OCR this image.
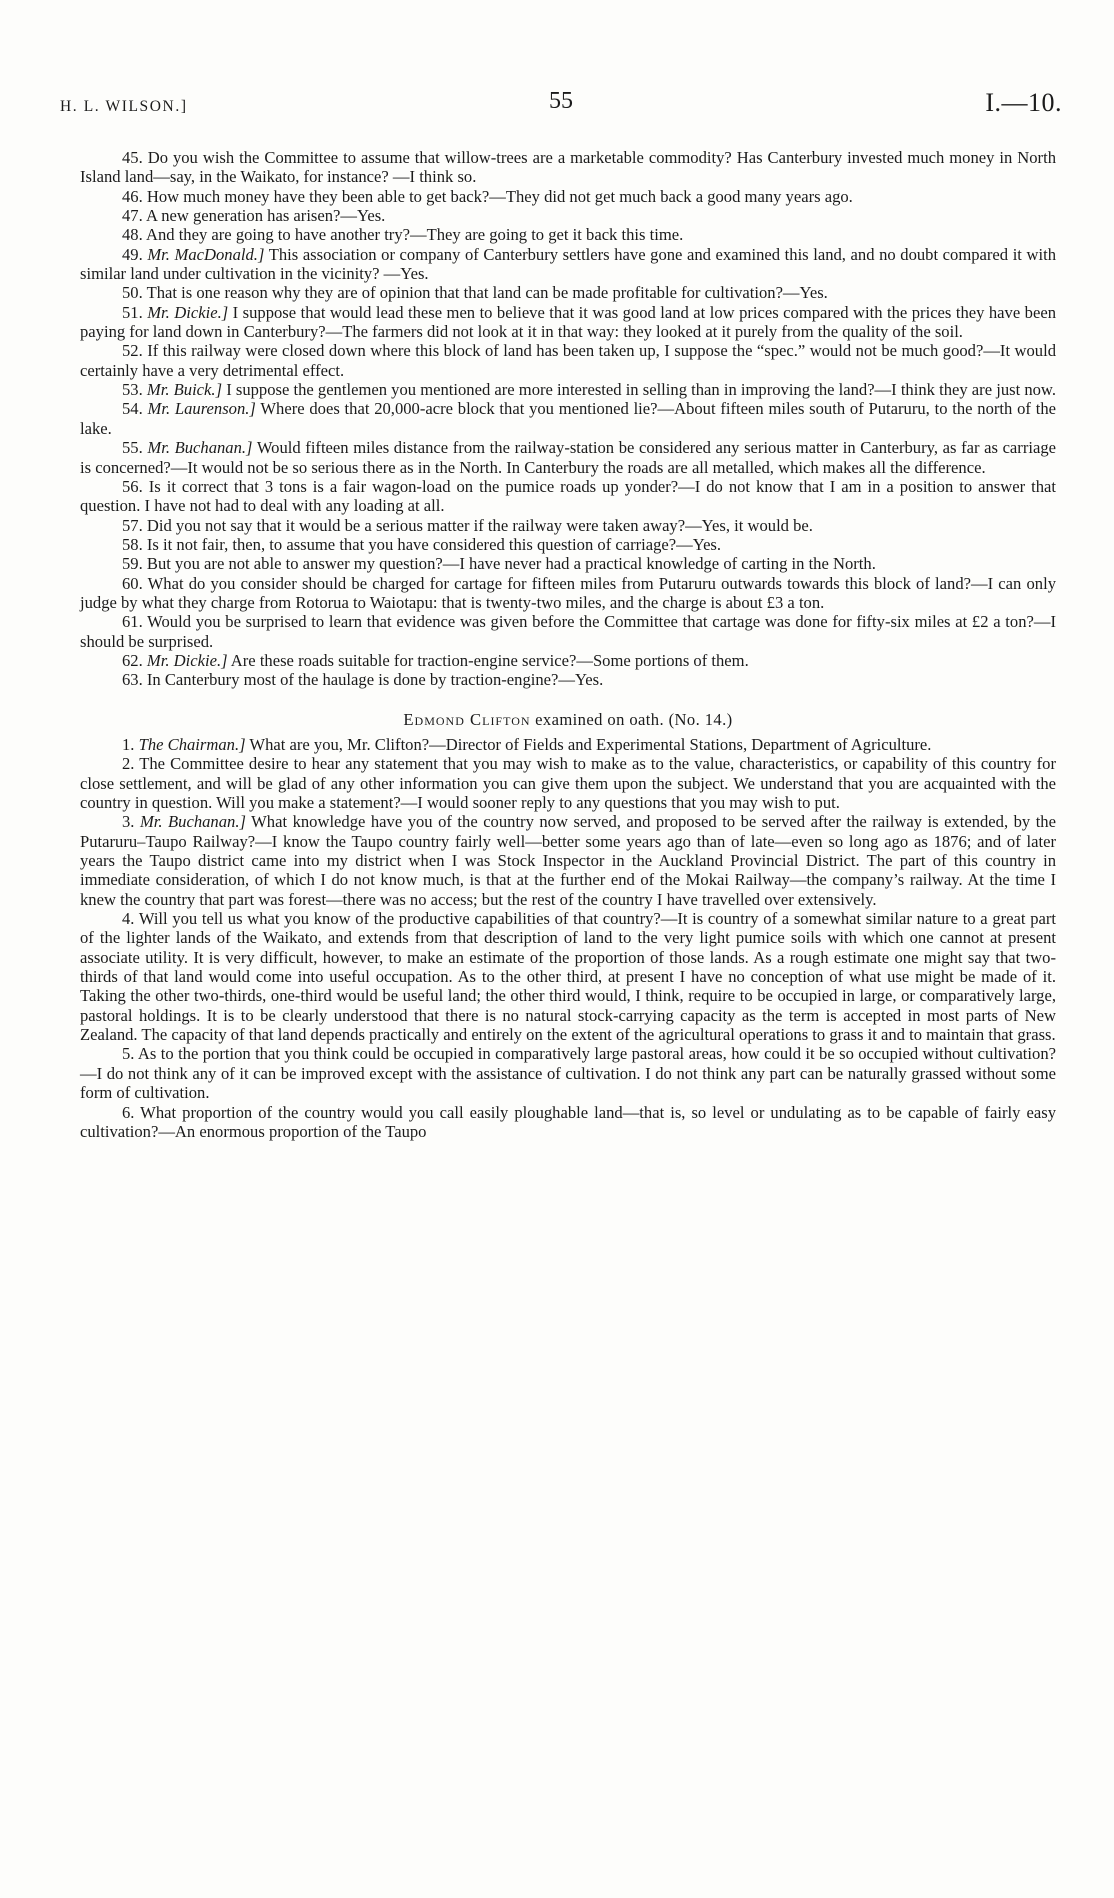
H. L. WILSON.]	55	I.—10.

45. Do you wish the Committee to assume that willow-trees are a marketable commodity? Has Canterbury invested much money in North Island land—say, in the Waikato, for instance? —I think so.

46. How much money have they been able to get back?—They did not get much back a good many years ago.

47. A new generation has arisen?—Yes.

48. And they are going to have another try?—They are going to get it back this time.

49. Mr. MacDonald.] This association or company of Canterbury settlers have gone and examined this land, and no doubt compared it with similar land under cultivation in the vicinity? —Yes.

50. That is one reason why they are of opinion that that land can be made profitable for cultivation?—Yes.

51. Mr. Dickie.] I suppose that would lead these men to believe that it was good land at low prices compared with the prices they have been paying for land down in Canterbury?—The farmers did not look at it in that way: they looked at it purely from the quality of the soil.

52. If this railway were closed down where this block of land has been taken up, I suppose the “spec.” would not be much good?—It would certainly have a very detrimental effect.

53. Mr. Buick.] I suppose the gentlemen you mentioned are more interested in selling than in improving the land?—I think they are just now.

54. Mr. Laurenson.] Where does that 20,000-acre block that you mentioned lie?—About fifteen miles south of Putaruru, to the north of the lake.

55. Mr. Buchanan.] Would fifteen miles distance from the railway-station be considered any serious matter in Canterbury, as far as carriage is concerned?—It would not be so serious there as in the North. In Canterbury the roads are all metalled, which makes all the difference.

56. Is it correct that 3 tons is a fair wagon-load on the pumice roads up yonder?—I do not know that I am in a position to answer that question. I have not had to deal with any loading at all.

57. Did you not say that it would be a serious matter if the railway were taken away?—Yes, it would be.

58. Is it not fair, then, to assume that you have considered this question of carriage?—Yes.

59. But you are not able to answer my question?—I have never had a practical knowledge of carting in the North.

60. What do you consider should be charged for cartage for fifteen miles from Putaruru outwards towards this block of land?—I can only judge by what they charge from Rotorua to Waiotapu: that is twenty-two miles, and the charge is about £3 a ton.

61. Would you be surprised to learn that evidence was given before the Committee that cartage was done for fifty-six miles at £2 a ton?—I should be surprised.

62. Mr. Dickie.] Are these roads suitable for traction-engine service?—Some portions of them.

63. In Canterbury most of the haulage is done by traction-engine?—Yes.

Edmond Clifton examined on oath. (No. 14.)

1. The Chairman.] What are you, Mr. Clifton?—Director of Fields and Experimental Stations, Department of Agriculture.

2. The Committee desire to hear any statement that you may wish to make as to the value, characteristics, or capability of this country for close settlement, and will be glad of any other information you can give them upon the subject. We understand that you are acquainted with the country in question. Will you make a statement?—I would sooner reply to any questions that you may wish to put.

3. Mr. Buchanan.] What knowledge have you of the country now served, and proposed to be served after the railway is extended, by the Putaruru–Taupo Railway?—I know the Taupo country fairly well—better some years ago than of late—even so long ago as 1876; and of later years the Taupo district came into my district when I was Stock Inspector in the Auckland Provincial District. The part of this country in immediate consideration, of which I do not know much, is that at the further end of the Mokai Railway—the company’s railway. At the time I knew the country that part was forest—there was no access; but the rest of the country I have travelled over extensively.

4. Will you tell us what you know of the productive capabilities of that country?—It is country of a somewhat similar nature to a great part of the lighter lands of the Waikato, and extends from that description of land to the very light pumice soils with which one cannot at present associate utility. It is very difficult, however, to make an estimate of the proportion of those lands. As a rough estimate one might say that two-thirds of that land would come into useful occupation. As to the other third, at present I have no conception of what use might be made of it. Taking the other two-thirds, one-third would be useful land; the other third would, I think, require to be occupied in large, or comparatively large, pastoral holdings. It is to be clearly understood that there is no natural stock-carrying capacity as the term is accepted in most parts of New Zealand. The capacity of that land depends practically and entirely on the extent of the agricultural operations to grass it and to maintain that grass.

5. As to the portion that you think could be occupied in comparatively large pastoral areas, how could it be so occupied without cultivation?—I do not think any of it can be improved except with the assistance of cultivation. I do not think any part can be naturally grassed without some form of cultivation.

6. What proportion of the country would you call easily ploughable land—that is, so level or undulating as to be capable of fairly easy cultivation?—An enormous proportion of the Taupo
